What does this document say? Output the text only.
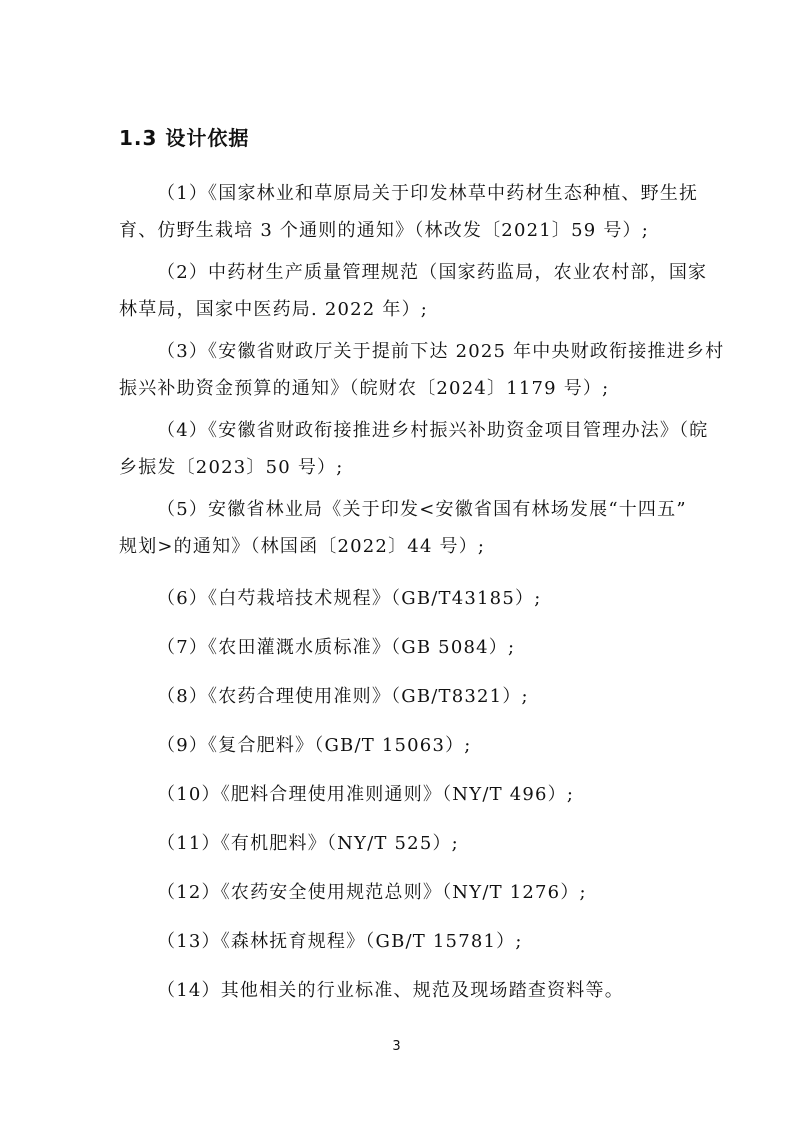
1.3 设计依据
（1）《国家林业和草原局关于印发林草中药材生态种植、野生抚
育、仿野生栽培 3 个通则的通知》（林改发〔2021〕59 号）;
（2）中药材生产质量管理规范（国家药监局，农业农村部，国家
林草局，国家中医药局. 2022 年）;
（3）《安徽省财政厅关于提前下达 2025 年中央财政衔接推进乡村
振兴补助资金预算的通知》（皖财农〔2024〕1179 号）;
（4）《安徽省财政衔接推进乡村振兴补助资金项目管理办法》（皖
乡振发〔2023〕50 号）;
（5）安徽省林业局《关于印发<安徽省国有林场发展“十四五”
规划>的通知》（林国函〔2022〕44 号）;
（6）《白芍栽培技术规程》（GB/T43185）;
（7）《农田灌溉水质标准》（GB 5084）;
（8）《农药合理使用准则》（GB/T8321）;
（9）《复合肥料》（GB/T 15063）;
（10）《肥料合理使用准则通则》（NY/T 496）;
（11）《有机肥料》（NY/T 525）;
（12）《农药安全使用规范总则》（NY/T 1276）;
（13）《森林抚育规程》（GB/T 15781）;
（14）其他相关的行业标准、规范及现场踏查资料等。
3
